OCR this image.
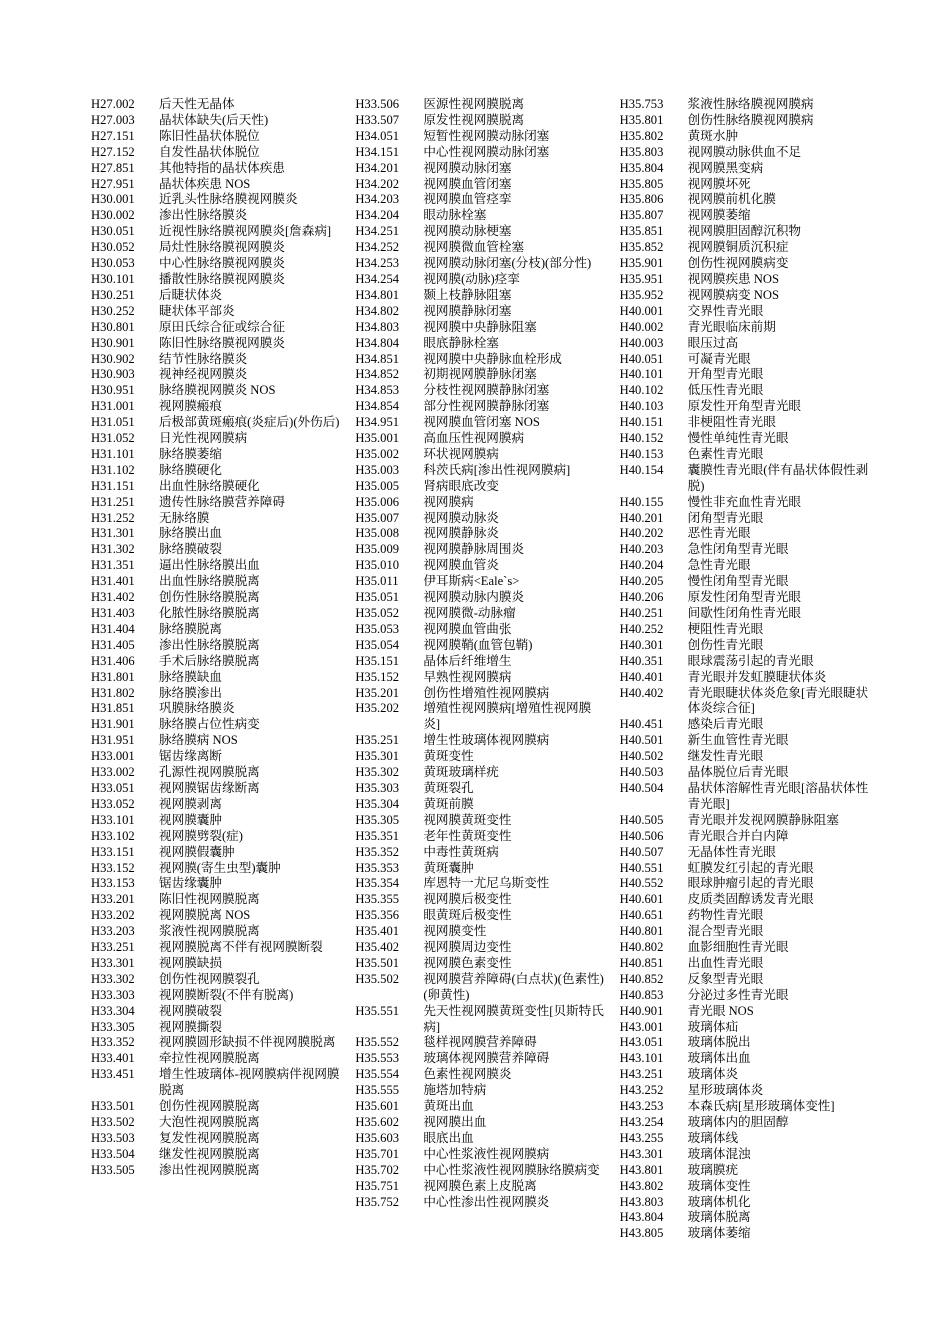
H27.002 后天性无晶体

H27.003 晶状体缺失(后天性)

H27.151 陈旧性晶状体脱位

H27.152 自发性晶状体脱位

H27.851 其他特指的晶状体疾患

H27.951 晶状体疾患 NOS

H30.001 近乳头性脉络膜视网膜炎

H30.002 渗出性脉络膜炎

H30.051 近视性脉络膜视网膜炎[詹森病]

H30.052 局灶性脉络膜视网膜炎

H30.053 中心性脉络膜视网膜炎

H30.101 播散性脉络膜视网膜炎

H30.251 后睫状体炎

H30.252 睫状体平部炎

H30.801 原田氏综合征或综合征

H30.901 陈旧性脉络膜视网膜炎

H30.902 结节性脉络膜炎

H30.903 视神经视网膜炎

H30.951 脉络膜视网膜炎 NOS

H31.001 视网膜瘢痕

H31.051 后极部黄斑瘢痕(炎症后)(外伤后)

H31.052 日光性视网膜病

H31.101 脉络膜萎缩

H31.102 脉络膜硬化

H31.151 出血性脉络膜硬化

H31.251 遗传性脉络膜营养障碍

H31.252 无脉络膜

H31.301 脉络膜出血

H31.302 脉络膜破裂

H31.351 逼出性脉络膜出血

H31.401 出血性脉络膜脱离

H31.402 创伤性脉络膜脱离

H31.403 化脓性脉络膜脱离

H31.404 脉络膜脱离

H31.405 渗出性脉络膜脱离

H31.406 手术后脉络膜脱离

H31.801 脉络膜缺血

H31.802 脉络膜渗出

H31.851 巩膜脉络膜炎

H31.901 脉络膜占位性病变

H31.951 脉络膜病 NOS

H33.001 锯齿缘离断

H33.002 孔源性视网膜脱离

H33.051 视网膜锯齿缘断离

H33.052 视网膜剥离

H33.101 视网膜囊肿

H33.102 视网膜劈裂(症)

H33.151 视网膜假囊肿

H33.152 视网膜(寄生虫型)囊肿

H33.153 锯齿缘囊肿

H33.201 陈旧性视网膜脱离

H33.202 视网膜脱离 NOS

H33.203 浆液性视网膜脱离

H33.251 视网膜脱离不伴有视网膜断裂

H33.301 视网膜缺损

H33.302 创伤性视网膜裂孔

H33.303 视网膜断裂(不伴有脱离)

H33.304 视网膜破裂

H33.305 视网膜撕裂

H33.352 视网膜圆形缺损不伴视网膜脱离

H33.401 牵拉性视网膜脱离

H33.451 增生性玻璃体-视网膜病伴视网膜脱离

H33.501 创伤性视网膜脱离

H33.502 大泡性视网膜脱离

H33.503 复发性视网膜脱离

H33.504 继发性视网膜脱离

H33.505 渗出性视网膜脱离

H33.506 医源性视网膜脱离

H33.507 原发性视网膜脱离

H34.051 短暂性视网膜动脉闭塞

H34.151 中心性视网膜动脉闭塞

H34.201 视网膜动脉闭塞

H34.202 视网膜血管闭塞

H34.203 视网膜血管痉挛

H34.204 眼动脉栓塞

H34.251 视网膜动脉梗塞

H34.252 视网膜微血管栓塞

H34.253 视网膜动脉闭塞(分枝)(部分性)

H34.254 视网膜(动脉)痉挛

H34.801 颞上枝静脉阻塞

H34.802 视网膜静脉闭塞

H34.803 视网膜中央静脉阻塞

H34.804 眼底静脉栓塞

H34.851 视网膜中央静脉血栓形成

H34.852 初期视网膜静脉闭塞

H34.853 分枝性视网膜静脉闭塞

H34.854 部分性视网膜静脉闭塞

H34.951 视网膜血管闭塞 NOS

H35.001 高血压性视网膜病

H35.002 环状视网膜病

H35.003 科茨氏病[渗出性视网膜病]

H35.005 肾病眼底改变

H35.006 视网膜病

H35.007 视网膜动脉炎

H35.008 视网膜静脉炎

H35.009 视网膜静脉周围炎

H35.010 视网膜血管炎

H35.011 伊耳斯病<Eale`s>

H35.051 视网膜动脉内膜炎

H35.052 视网膜微-动脉瘤

H35.053 视网膜血管曲张

H35.054 视网膜鞘(血管包鞘)

H35.151 晶体后纤维增生

H35.152 早熟性视网膜病

H35.201 创伤性增殖性视网膜病

H35.202 增殖性视网膜病[增殖性视网膜炎]

H35.251 增生性玻璃体视网膜病

H35.301 黄斑变性

H35.302 黄斑玻璃样疣

H35.303 黄斑裂孔

H35.304 黄斑前膜

H35.305 视网膜黄斑变性

H35.351 老年性黄斑变性

H35.352 中毒性黄斑病

H35.353 黄斑囊肿

H35.354 库恩特一尤尼乌斯变性

H35.355 视网膜后极变性

H35.356 眼黄斑后极变性

H35.401 视网膜变性

H35.402 视网膜周边变性

H35.501 视网膜色素变性

H35.502 视网膜营养障碍(白点状)(色素性)(卵黄性)

H35.551 先天性视网膜黄斑变性[贝斯特氏病]

H35.552 毯样视网膜营养障碍

H35.553 玻璃体视网膜营养障碍

H35.554 色素性视网膜炎

H35.555 施塔加特病

H35.601 黄斑出血

H35.602 视网膜出血

H35.603 眼底出血

H35.701 中心性浆液性视网膜病

H35.702 中心性浆液性视网膜脉络膜病变

H35.751 视网膜色素上皮脱离

H35.752 中心性渗出性视网膜炎

H35.753 浆液性脉络膜视网膜病

H35.801 创伤性脉络膜视网膜病

H35.802 黄斑水肿

H35.803 视网膜动脉供血不足

H35.804 视网膜黑变病

H35.805 视网膜坏死

H35.806 视网膜前机化膜

H35.807 视网膜萎缩

H35.851 视网膜胆固醇沉积物

H35.852 视网膜铜质沉积症

H35.901 创伤性视网膜病变

H35.951 视网膜疾患 NOS

H35.952 视网膜病变 NOS

H40.001 交界性青光眼

H40.002 青光眼临床前期

H40.003 眼压过高

H40.051 可凝青光眼

H40.101 开角型青光眼

H40.102 低压性青光眼

H40.103 原发性开角型青光眼

H40.151 非梗阻性青光眼

H40.152 慢性单纯性青光眼

H40.153 色素性青光眼

H40.154 囊膜性青光眼(伴有晶状体假性剥脱)

H40.155 慢性非充血性青光眼

H40.201 闭角型青光眼

H40.202 恶性青光眼

H40.203 急性闭角型青光眼

H40.204 急性青光眼

H40.205 慢性闭角型青光眼

H40.206 原发性闭角型青光眼

H40.251 间歇性闭角性青光眼

H40.252 梗阻性青光眼

H40.301 创伤性青光眼

H40.351 眼球震荡引起的青光眼

H40.401 青光眼并发虹膜睫状体炎

H40.402 青光眼睫状体炎危象[青光眼睫状体炎综合征]

H40.451 感染后青光眼

H40.501 新生血管性青光眼

H40.502 继发性青光眼

H40.503 晶体脱位后青光眼

H40.504 晶状体溶解性青光眼[溶晶状体性青光眼]

H40.505 青光眼并发视网膜静脉阻塞

H40.506 青光眼合并白内障

H40.507 无晶体性青光眼

H40.551 虹膜发红引起的青光眼

H40.552 眼球肿瘤引起的青光眼

H40.601 皮质类固醇诱发青光眼

H40.651 药物性青光眼

H40.801 混合型青光眼

H40.802 血影细胞性青光眼

H40.851 出血性青光眼

H40.852 反象型青光眼

H40.853 分泌过多性青光眼

H40.901 青光眼 NOS

H43.001 玻璃体疝

H43.051 玻璃体脱出

H43.101 玻璃体出血

H43.251 玻璃体炎

H43.252 星形玻璃体炎

H43.253 本森氏病[星形玻璃体变性]

H43.254 玻璃体内的胆固醇

H43.255 玻璃体线

H43.301 玻璃体混浊

H43.801 玻璃膜疣

H43.802 玻璃体变性

H43.803 玻璃体机化

H43.804 玻璃体脱离

H43.805 玻璃体萎缩
